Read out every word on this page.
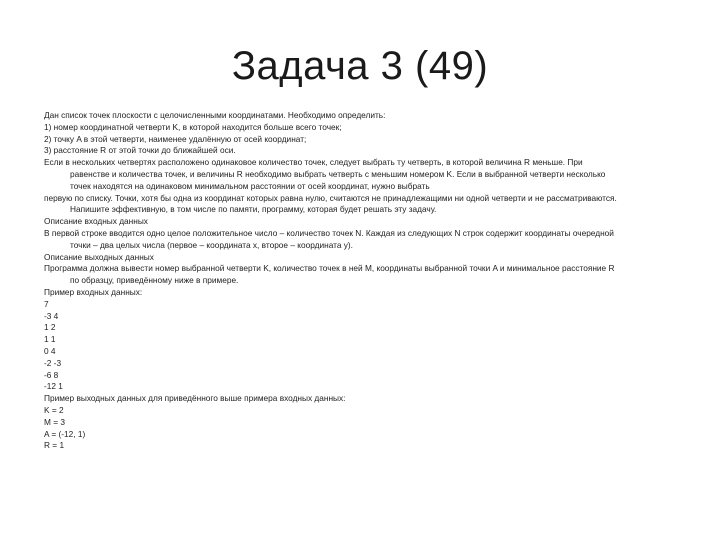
Задача 3 (49)
Дан список точек плоскости с целочисленными координатами. Необходимо определить:
1) номер координатной четверти K, в которой находится больше всего точек;
2) точку A в этой четверти, наименее удалённую от осей координат;
3) расстояние R от этой точки до ближайшей оси.
Если в нескольких четвертях расположено одинаковое количество точек, следует выбрать ту четверть, в которой величина R меньше. При
равенстве и количества точек, и величины R необходимо выбрать четверть с меньшим номером K. Если в выбранной четверти несколько
точек находятся на одинаковом минимальном расстоянии от осей координат, нужно выбрать
первую по списку. Точки, хотя бы одна из координат которых равна нулю, считаются не принадлежащими ни одной четверти и не рассматриваются.
Напишите эффективную, в том числе по памяти, программу, которая будет решать эту задачу.
Описание входных данных
В первой строке вводится одно целое положительное число – количество точек N. Каждая из следующих N строк содержит координаты очередной
точки – два целых числа (первое – координата x, второе – координата y).
Описание выходных данных
Программа должна вывести номер выбранной четверти K, количество точек в ней M, координаты выбранной точки A и минимальное расстояние R
по образцу, приведённому ниже в примере.
Пример входных данных:
7
-3 4
1 2
1 1
0 4
-2 -3
-6 8
-12 1
Пример выходных данных для приведённого выше примера входных данных:
K = 2
M = 3
A = (-12, 1)
R = 1
